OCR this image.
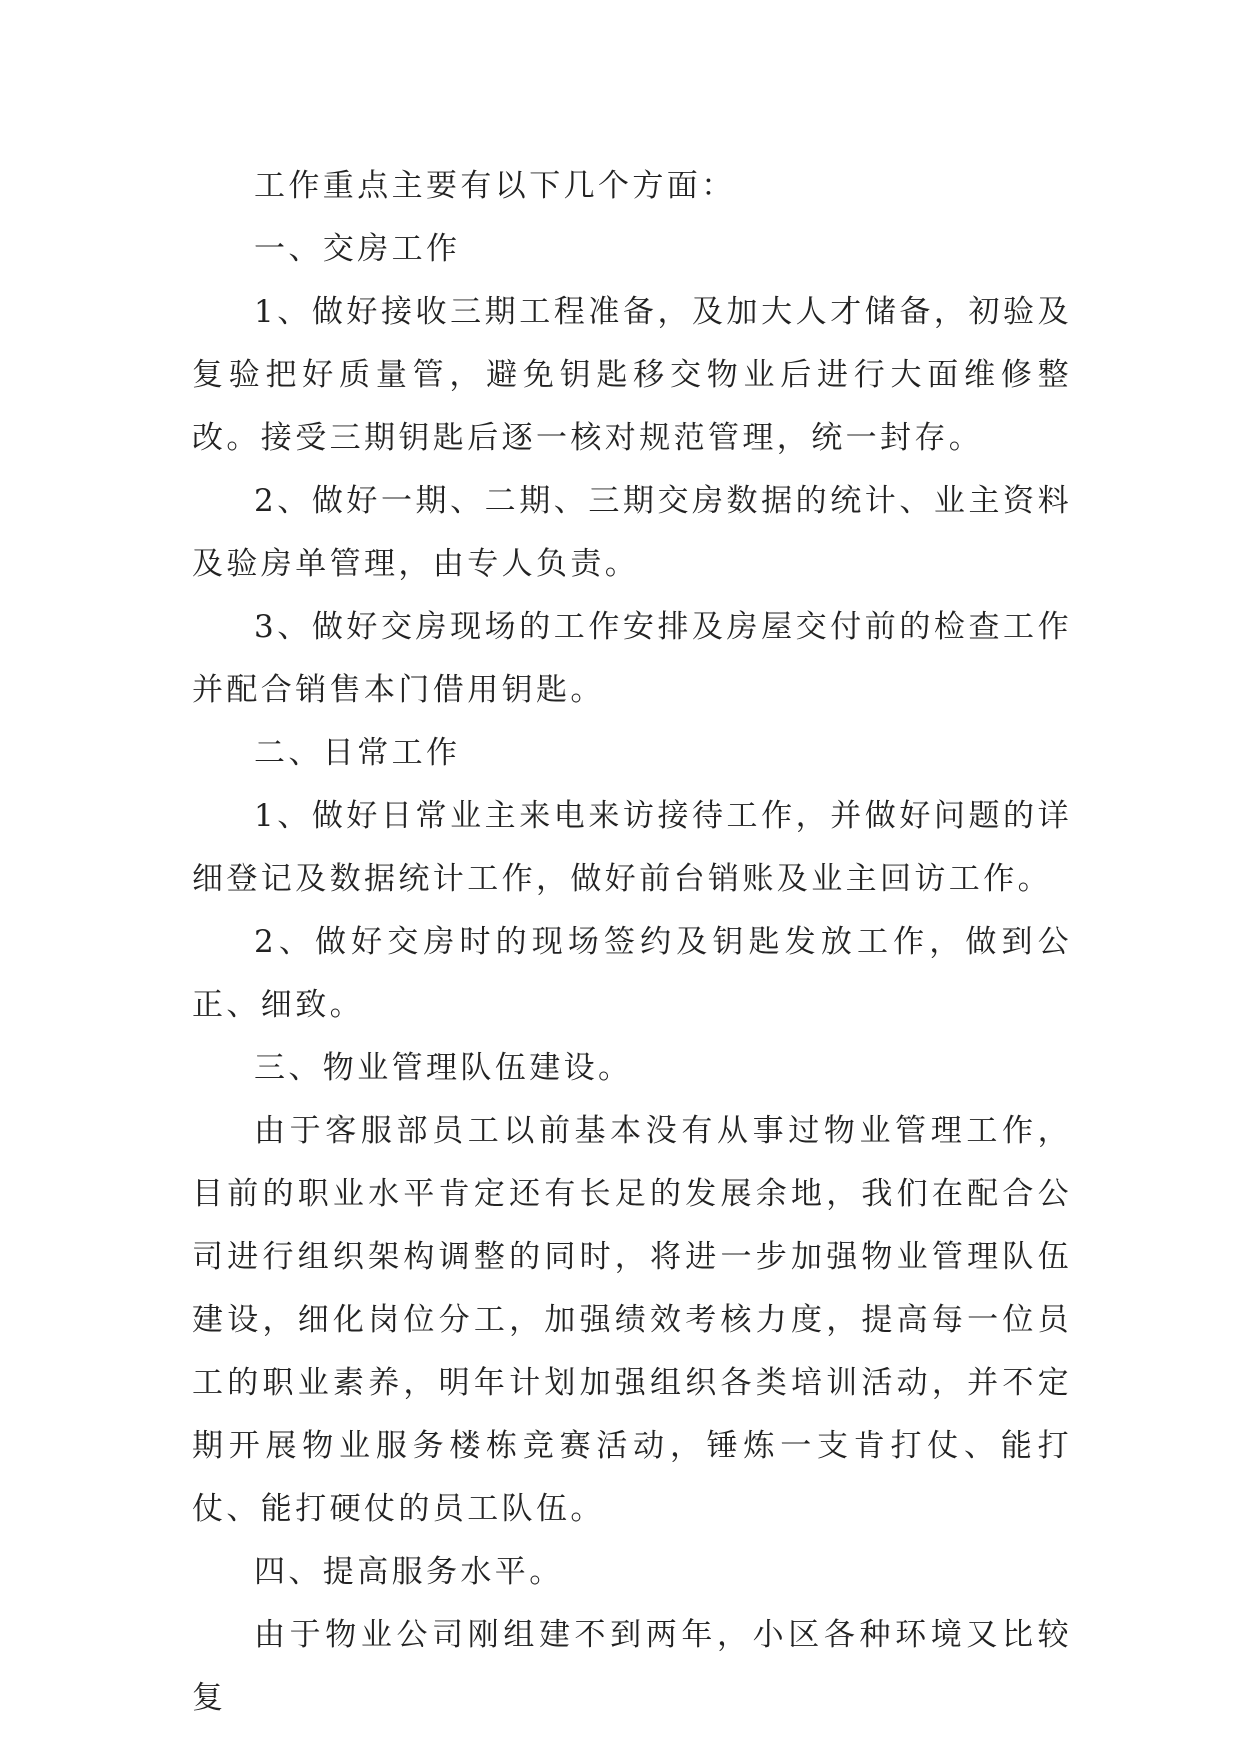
工作重点主要有以下几个方面：

一、交房工作

1、做好接收三期工程准备，及加大人才储备，初验及复验把好质量管，避免钥匙移交物业后进行大面维修整改。接受三期钥匙后逐一核对规范管理，统一封存。

2、做好一期、二期、三期交房数据的统计、业主资料及验房单管理，由专人负责。

3、做好交房现场的工作安排及房屋交付前的检查工作并配合销售本门借用钥匙。

二、日常工作

1、做好日常业主来电来访接待工作，并做好问题的详细登记及数据统计工作，做好前台销账及业主回访工作。

2、做好交房时的现场签约及钥匙发放工作，做到公正、细致。

三、物业管理队伍建设。

由于客服部员工以前基本没有从事过物业管理工作，目前的职业水平肯定还有长足的发展余地，我们在配合公司进行组织架构调整的同时，将进一步加强物业管理队伍建设，细化岗位分工，加强绩效考核力度，提高每一位员工的职业素养，明年计划加强组织各类培训活动，并不定期开展物业服务楼栋竞赛活动，锤炼一支肯打仗、能打仗、能打硬仗的员工队伍。

四、提高服务水平。

由于物业公司刚组建不到两年，小区各种环境又比较复
